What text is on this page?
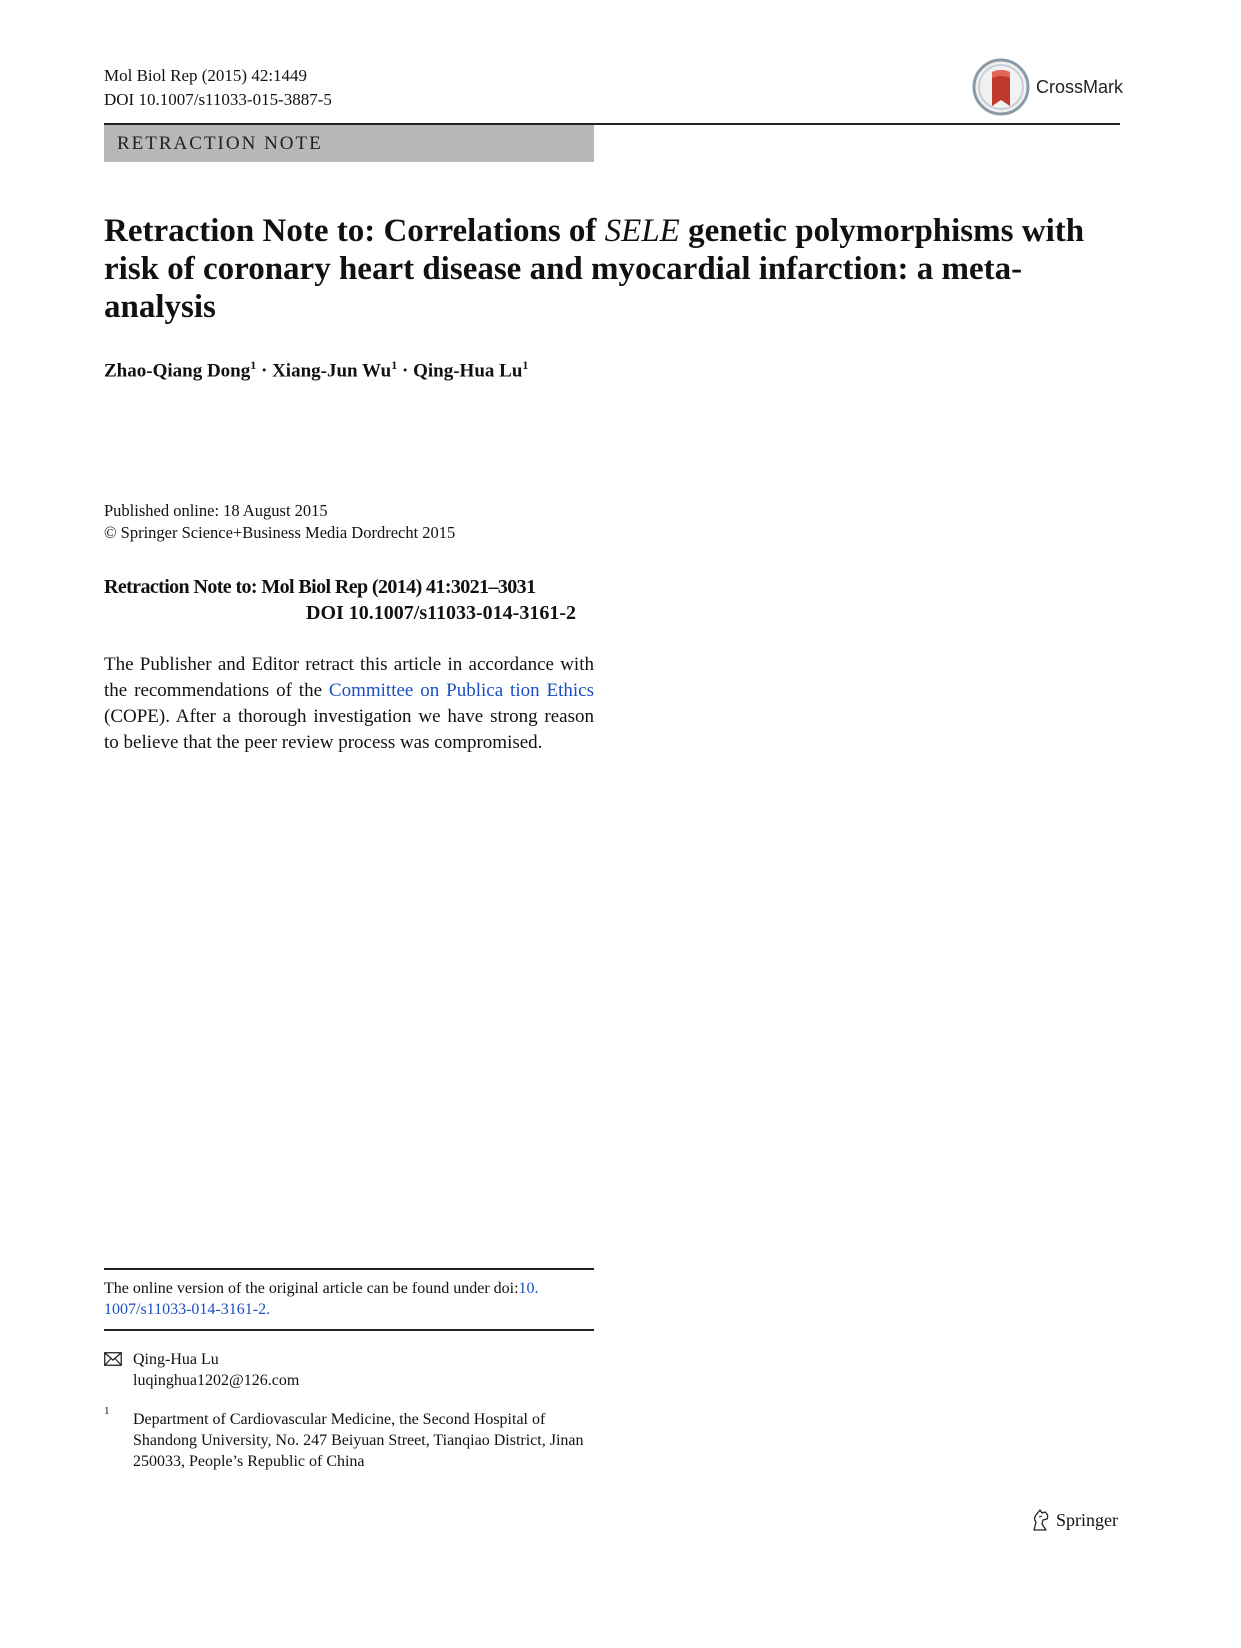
Mol Biol Rep (2015) 42:1449
DOI 10.1007/s11033-015-3887-5
CrossMark
RETRACTION NOTE
Retraction Note to: Correlations of SELE genetic polymorphisms with risk of coronary heart disease and myocardial infarction: a meta-analysis
Zhao-Qiang Dong$^1$ · Xiang-Jun $Wu^1$ · Qing-Hua Lu$^1$
Published online: 18 August 2015
© Springer Science+Business Media Dordrecht 2015
Retraction Note to: Mol Biol Rep (2014) 41:3021–3031
DOI 10.1007/s11033-014-3161-2
The Publisher and Editor retract this article in accordance with the recommendations of the Committee on Publica tion Ethics (COPE). After a thorough investigation we have strong reason to believe that the peer review process was compromised.
The online version of the original article can be found under doi:10. 1007/s11033-014-3161-2.
Qing-Hua Lu
luqinghua1202@126.com
1 Department of Cardiovascular Medicine, the Second Hospital of Shandong University, No. 247 Beiyuan Street, Tianqiao District, Jinan 250033, People’s Republic of China
Springer
